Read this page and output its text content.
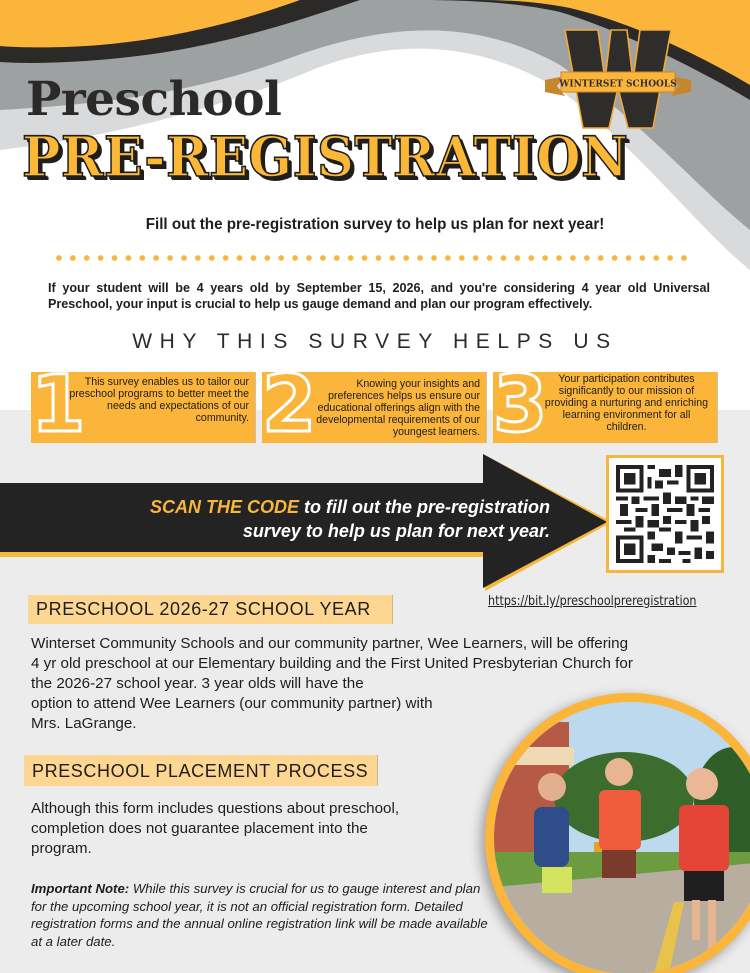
WINTERSET SCHOOLS
Preschool
PRE-REGISTRATION
Fill out the pre-registration survey to help us plan for next year!
If your student will be 4 years old by September 15, 2026, and you're considering 4 year old Universal Preschool, your input is crucial to help us gauge demand and plan our program effectively.
WHY THIS SURVEY HELPS US
1 This survey enables us to tailor our preschool programs to better meet the needs and expectations of our community. 2	Knowing your insights and preferences helps us ensure our educational offerings align with the developmental requirements of our youngest learners. 3	Your participation contributes significantly to our mission of providing a nurturing and enriching learning environment for all children.
SCAN THE CODE to fill out the pre-registration
survey to help us plan for next year.
https://bit.ly/preschoolpreregistration
PRESCHOOL 2026-27 SCHOOL YEAR
Winterset Community Schools and our community partner, Wee Learners, will be offering
4 yr old preschool at our Elementary building and the First United Presbyterian Church for
the 2026-27 school year. 3 year olds will have the
option to attend Wee Learners (our community partner) with
Mrs. LaGrange.
PRESCHOOL PLACEMENT PROCESS
Although this form includes questions about preschool,
completion does not guarantee placement into the
program.
Important Note: While this survey is crucial for us to gauge interest and plan for the upcoming school year, it is not an official registration form. Detailed registration forms and the annual online registration link will be made available at a later date.
